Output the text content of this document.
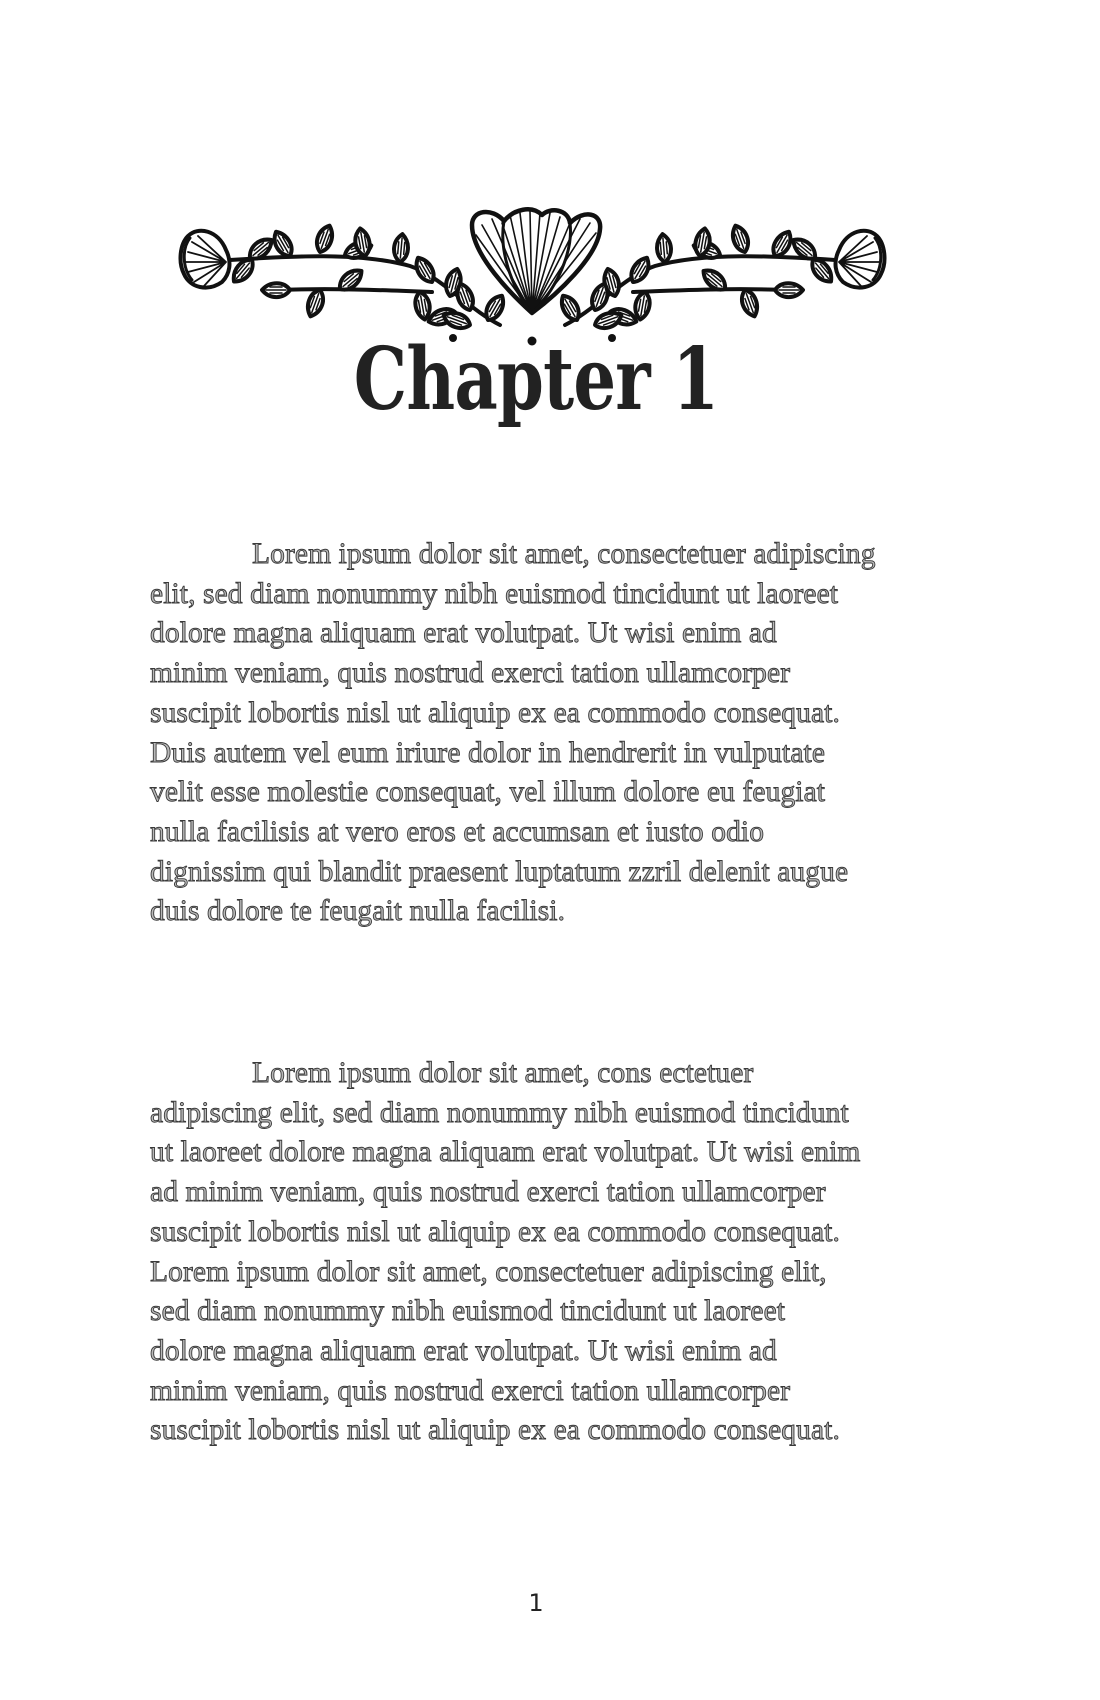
Chapter 1
Lorem ipsum dolor sit amet, consectetuer adipiscing
elit, sed diam nonummy nibh euismod tincidunt ut laoreet
dolore magna aliquam erat volutpat. Ut wisi enim ad
minim veniam, quis nostrud exerci tation ullamcorper
suscipit lobortis nisl ut aliquip ex ea commodo consequat.
Duis autem vel eum iriure dolor in hendrerit in vulputate
velit esse molestie consequat, vel illum dolore eu feugiat
nulla facilisis at vero eros et accumsan et iusto odio
dignissim qui blandit praesent luptatum zzril delenit augue
duis dolore te feugait nulla facilisi.
Lorem ipsum dolor sit amet, cons ectetuer
adipiscing elit, sed diam nonummy nibh euismod tincidunt
ut laoreet dolore magna aliquam erat volutpat. Ut wisi enim
ad minim veniam, quis nostrud exerci tation ullamcorper
suscipit lobortis nisl ut aliquip ex ea commodo consequat.
Lorem ipsum dolor sit amet, consectetuer adipiscing elit,
sed diam nonummy nibh euismod tincidunt ut laoreet
dolore magna aliquam erat volutpat. Ut wisi enim ad
minim veniam, quis nostrud exerci tation ullamcorper
suscipit lobortis nisl ut aliquip ex ea commodo consequat.
1
